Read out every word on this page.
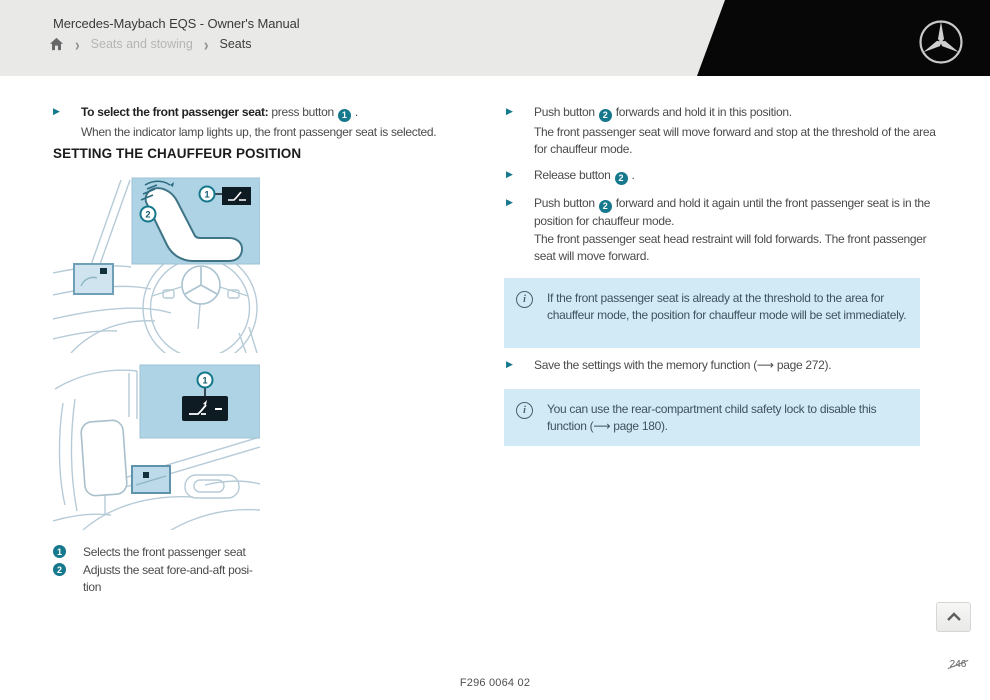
Mercedes-Maybach EQS - Owner's Manual
› Seats and stowing › Seats
▶	To select the front passenger seat: press button 1 .
When the indicator lamp lights up, the front passenger seat is selected.
SETTING THE CHAUFFEUR POSITION
1
2
1
1	Selects the front passenger seat
2	Adjusts the seat fore-and-aft posi-
tion
▶	Push button 2 forwards and hold it in this position.
The front passenger seat will move forward and stop at the threshold of the area for chauffeur mode.
▶	Release button 2 .
▶	Push button 2 forward and hold it again until the front passenger seat is in the position for chauffeur mode.
The front passenger seat head restraint will fold forwards. The front passenger seat will move forward.
i	If the front passenger seat is already at the threshold to the area for chauffeur mode, the position for chauffeur mode will be set immediately.
▶	Save the settings with the memory function (⟶ page 272).
i	You can use the rear-compartment child safety lock to disable this function (⟶ page 180).
F296 0064 02
246
